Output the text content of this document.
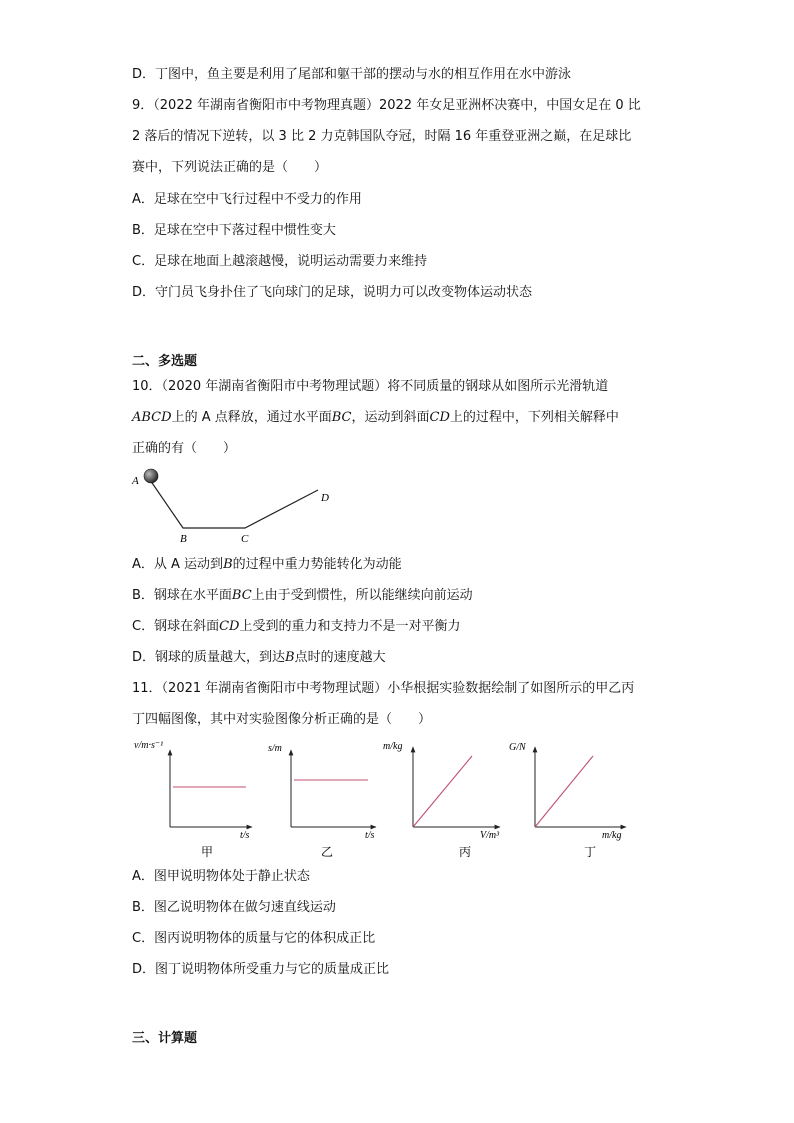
D．丁图中，鱼主要是利用了尾部和躯干部的摆动与水的相互作用在水中游泳
9．（2022 年湖南省衡阳市中考物理真题）2022 年女足亚洲杯决赛中，中国女足在 0 比
2 落后的情况下逆转，以 3 比 2 力克韩国队夺冠，时隔 16 年重登亚洲之巅，在足球比
赛中，下列说法正确的是（　　）
A．足球在空中飞行过程中不受力的作用
B．足球在空中下落过程中惯性变大
C．足球在地面上越滚越慢，说明运动需要力来维持
D．守门员飞身扑住了飞向球门的足球，说明力可以改变物体运动状态
二、多选题
10．（2020 年湖南省衡阳市中考物理试题）将不同质量的钢球从如图所示光滑轨道
ABCD上的 A 点释放，通过水平面BC，运动到斜面CD上的过程中，下列相关解释中
正确的有（　　）
A
B	C
D
A．从 A 运动到B的过程中重力势能转化为动能
B．钢球在水平面BC上由于受到惯性，所以能继续向前运动
C．钢球在斜面CD上受到的重力和支持力不是一对平衡力
D．钢球的质量越大，到达B点时的速度越大
11．（2021 年湖南省衡阳市中考物理试题）小华根据实验数据绘制了如图所示的甲乙丙
丁四幅图像，其中对实验图像分析正确的是（　　）
v/m·s⁻¹
t/s
甲
s/m
t/s
乙
m/kg
V/m³
丙
G/N
m/kg
丁
A．图甲说明物体处于静止状态
B．图乙说明物体在做匀速直线运动
C．图丙说明物体的质量与它的体积成正比
D．图丁说明物体所受重力与它的质量成正比
三、计算题
